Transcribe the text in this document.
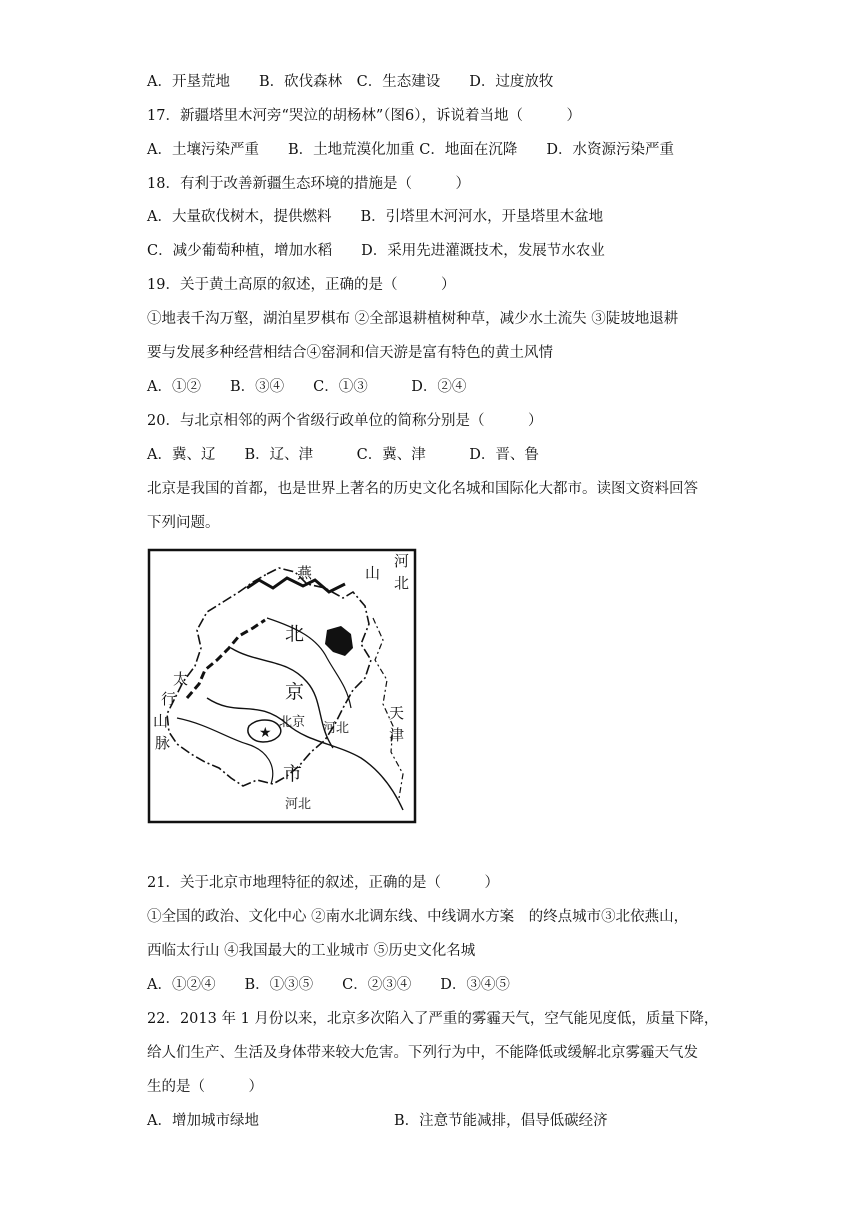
A．开垦荒地　　B．砍伐森林　C．生态建设　　D．过度放牧
17．新疆塔里木河旁“哭泣的胡杨林”（图6），诉说着当地（　　　）
A．土壤污染严重　　B．土地荒漠化加重 C．地面在沉降　　D．水资源污染严重
18．有利于改善新疆生态环境的措施是（　　　）
A．大量砍伐树木，提供燃料　　B．引塔里木河河水，开垦塔里木盆地
C．减少葡萄种植，增加水稻　　D．采用先进灌溉技术，发展节水农业
19．关于黄土高原的叙述，正确的是（　　　）
①地表千沟万壑，湖泊星罗棋布 ②全部退耕植树种草，减少水土流失 ③陡坡地退耕
要与发展多种经营相结合④窑洞和信天游是富有特色的黄土风情
A．①②　　B．③④　　C．①③　　　D．②④
20．与北京相邻的两个省级行政单位的简称分别是（　　　）
A．冀、辽　　B．辽、津　　　C．冀、津　　　D．晋、鲁
北京是我国的首都，也是世界上著名的历史文化名城和国际化大都市。读图文资料回答
下列问题。
★
燕	山
河
北
北
京
市
太
行
山
脉
北京 河北
天
津
河北
21．关于北京市地理特征的叙述，正确的是（　　　）
①全国的政治、文化中心 ②南水北调东线、中线调水方案　的终点城市③北依燕山，
西临太行山 ④我国最大的工业城市 ⑤历史文化名城
A．①②④　　B．①③⑤　　C．②③④　　D．③④⑤
22．2013 年 1 月份以来，北京多次陷入了严重的雾霾天气，空气能见度低，质量下降，
给人们生产、生活及身体带来较大危害。下列行为中，不能降低或缓解北京雾霾天气发
生的是（　　　）
A．增加城市绿地	B．注意节能减排，倡导低碳经济
